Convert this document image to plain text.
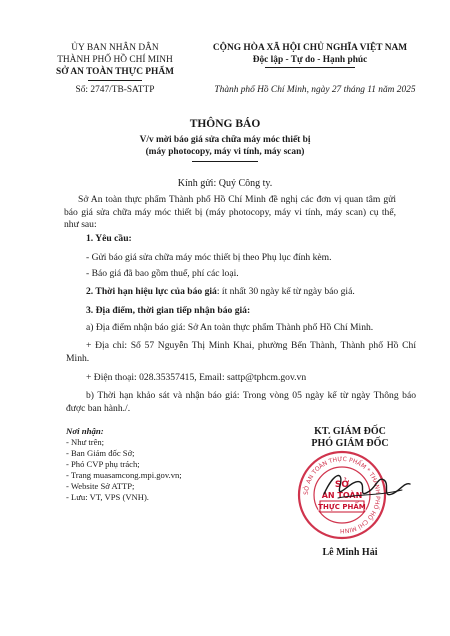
ỦY BAN NHÂN DÂN
THÀNH PHỐ HỒ CHÍ MINH
SỞ AN TOÀN THỰC PHẨM
CỘNG HÒA XÃ HỘI CHỦ NGHĨA VIỆT NAM
Độc lập - Tự do - Hạnh phúc
Số: 2747/TB-SATTP	Thành phố Hồ Chí Minh, ngày 27 tháng 11 năm 2025
THÔNG BÁO
V/v mời báo giá sửa chữa máy móc thiết bị
(máy photocopy, máy vi tính, máy scan)
Kính gửi: Quý Công ty.
Sở An toàn thực phẩm Thành phố Hồ Chí Minh đề nghị các đơn vị quan tâm gửi báo giá sửa chữa máy móc thiết bị (máy photocopy, máy vi tính, máy scan) cụ thể, như sau:
1. Yêu cầu:
- Gửi báo giá sửa chữa máy móc thiết bị theo Phụ lục đính kèm.
- Báo giá đã bao gồm thuế, phí các loại.
2. Thời hạn hiệu lực của báo giá: ít nhất 30 ngày kể từ ngày báo giá.
3. Địa điểm, thời gian tiếp nhận báo giá:
a) Địa điểm nhận báo giá: Sở An toàn thực phẩm Thành phố Hồ Chí Minh.
+ Địa chỉ: Số 57 Nguyễn Thị Minh Khai, phường Bến Thành, Thành phố Hồ Chí Minh.
+ Điện thoại: 028.35357415, Email: sattp@tphcm.gov.vn
b) Thời hạn khảo sát và nhận báo giá: Trong vòng 05 ngày kể từ ngày Thông báo được ban hành./.
Nơi nhận:
- Như trên;
- Ban Giám đốc Sở;
- Phó CVP phụ trách;
- Trang muasamcong.mpi.gov.vn;
- Website Sở ATTP;
- Lưu: VT, VPS (VNH).
KT. GIÁM ĐỐC
PHÓ GIÁM ĐỐC
SỞ AN TOÀN THỰC PHẨM * THÀNH PHỐ HỒ CHÍ MINH
SỞ
AN TOÀN
THỰC PHẨM
Lê Minh Hải
